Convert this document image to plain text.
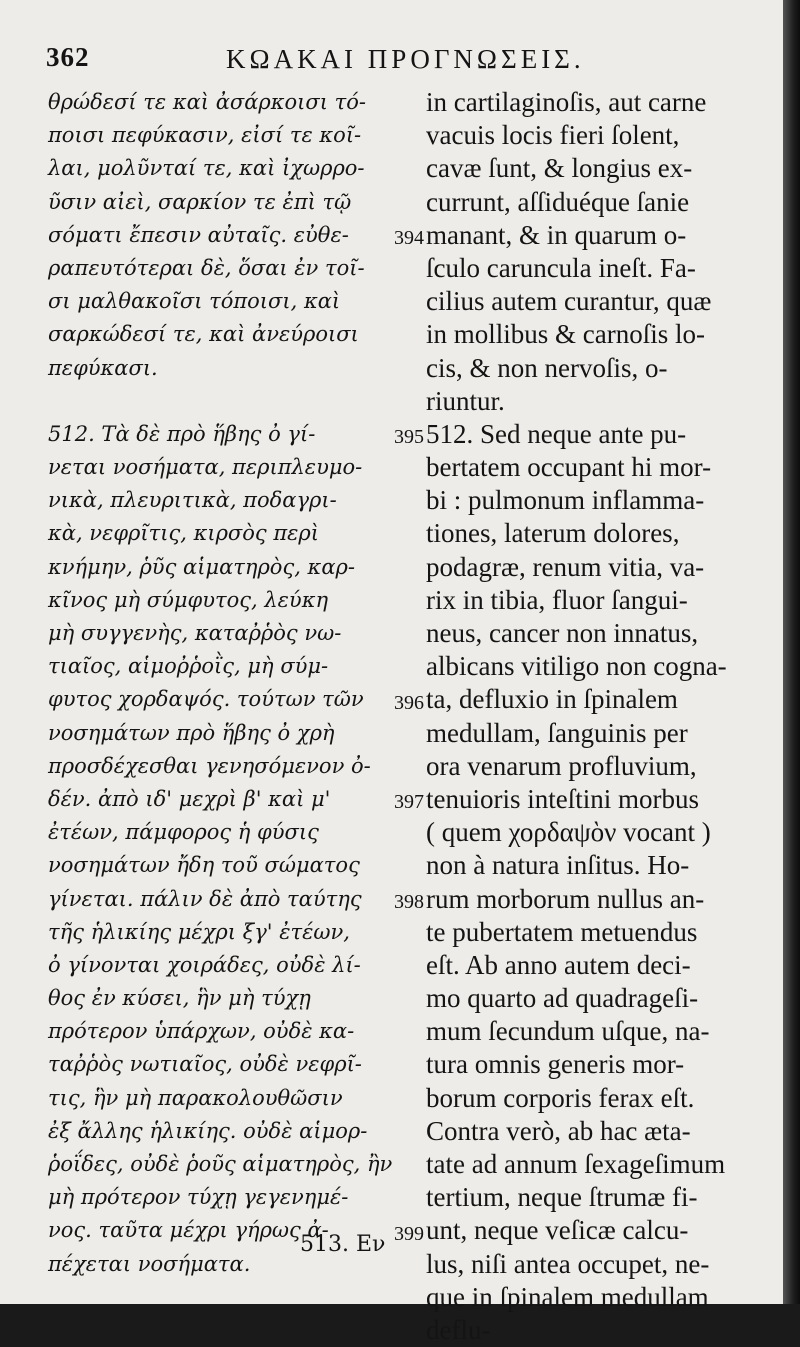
362	ΚΩΑΚΑΙ ΠΡΟΓΝΩΣΕΙΣ.
θρώδεσί τε καὶ ἀσάρκοισι τό-
ποισι πεφύκασιν, εἰσί τε κοῖ-
λαι, μολῦνταί τε, καὶ ἰχωρρο-
ῦσιν αἰεὶ, σαρκίον τε ἐπὶ τῷ
σόματι ἔπεσιν αὐταῖς. εὐθε-
ραπευτότεραι δὲ, ὅσαι ἐν τοῖ-
σι μαλθακοῖσι τόποισι, καὶ
σαρκώδεσί τε, καὶ ἀνεύροισι
πεφύκασι.
512. Τὰ δὲ πρὸ ἥβης ὀ γί-
νεται νοσήματα, περιπλευμο-
νικὰ, πλευριτικὰ, ποδαγρι-
κὰ, νεφρῖτις, κιρσὸς περὶ
κνήμην, ῥῦς αἱματηρὸς, καρ-
κῖνος μὴ σύμφυτος, λεύκη
μὴ συγγενὴς, καταῤῥὸς νω-
τιαῖος, αἱμοῤῥοῒς, μὴ σύμ-
φυτος χορδαψός. τούτων τῶν
νοσημάτων πρὸ ἥβης ὀ χρὴ
προσδέχεσθαι γενησόμενον ὀ-
δέν. ἀπὸ ιδ' μεχρὶ β' καὶ μ'
ἐτέων, πάμφορος ἡ φύσις
νοσημάτων ἤδη τοῦ σώματος
γίνεται. πάλιν δὲ ἀπὸ ταύτης
τῆς ἡλικίης μέχρι ξγ' ἐτέων,
ὀ γίνονται χοιράδες, οὐδὲ λί-
θος ἐν κύσει, ἣν μὴ τύχῃ
πρότερον ὑπάρχων, οὐδὲ κα-
ταῤῥὸς νωτιαῖος, οὐδὲ νεφρῖ-
τις, ἣν μὴ παρακολουθῶσιν
ἐξ ἄλλης ἡλικίης. οὐδὲ αἱμορ-
ῥοΐδες, οὐδὲ ῥοῦς αἱματηρὸς, ἢν
μὴ πρότερον τύχῃ γεγενημέ-
νος. ταῦτα μέχρι γήρως ἀ-
πέχεται νοσήματα.
in cartilaginoſis, aut carne
vacuis locis fieri ſolent,
cavæ ſunt, & longius ex-
currunt, aſſiduéque ſanie
manant, & in quarum o-
ſculo caruncula ineſt. Fa-
cilius autem curantur, quæ
in mollibus & carnoſis lo-
cis, & non nervoſis, o-
riuntur.
512. Sed neque ante pu-
bertatem occupant hi mor-
bi : pulmonum inflamma-
tiones, laterum dolores,
podagræ, renum vitia, va-
rix in tibia, fluor ſangui-
neus, cancer non innatus,
albicans vitiligo non cogna-
ta, defluxio in ſpinalem
medullam, ſanguinis per
ora venarum profluvium,
tenuioris inteſtini morbus
( quem χορδαψὸν vocant )
non à natura inſitus. Ho-
rum morborum nullus an-
te pubertatem metuendus
eſt. Ab anno autem deci-
mo quarto ad quadrageſi-
mum ſecundum uſque, na-
tura omnis generis mor-
borum corporis ferax eſt.
Contra verò, ab hac æta-
tate ad annum ſexageſimum
tertium, neque ſtrumæ fi-
unt, neque veſicæ calcu-
lus, niſi antea occupet, ne-
que in ſpinalem medullam
deflu-
394
395
396
397
398
399
513. Εν
